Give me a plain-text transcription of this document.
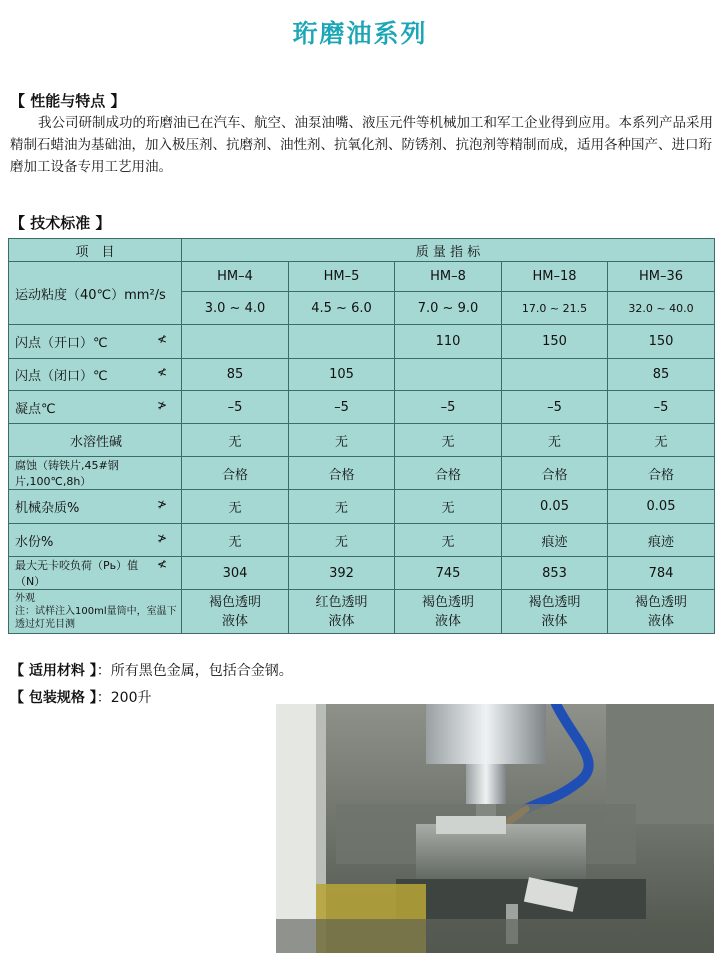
珩磨油系列
【 性能与特点 】
我公司研制成功的珩磨油已在汽车、航空、油泵油嘴、液压元件等机械加工和军工企业得到应用。本系列产品采用精制石蜡油为基础油，加入极压剂、抗磨剂、油性剂、抗氧化剂、防锈剂、抗泡剂等精制而成，适用各种国产、进口珩磨加工设备专用工艺用油。
【 技术标准 】
项　目	质 量 指 标				
运动粘度（40℃）mm²/s	HM–4	HM–5	HM–8	HM–18	HM–36
	3.0 ~ 4.0	4.5 ~ 6.0	7.0 ~ 9.0	17.0 ~ 21.5	32.0 ~ 40.0

闪点（开口）℃ ≮			110	150	150

闪点（闭口）℃ ≮	85	105			85

凝点℃ ≯	–5	–5	–5	–5	–5

水溶性碱	无	无	无	无	无

腐蚀（铸铁片,45#钢片,100℃,8h）	合格	合格	合格	合格	合格

机械杂质% ≯	无	无	无	0.05	0.05

水份% ≯	无	无	无	痕迹	痕迹

最大无卡咬负荷（Pь）值（N）
≮	304	392	745	853	784

外观
注：试样注入100ml量筒中，室温下透过灯光目测	褐色透明液体	红色透明液体	褐色透明液体	褐色透明液体	褐色透明液体
【 适用材料 】：所有黑色金属，包括合金钢。
【 包装规格 】：200升
